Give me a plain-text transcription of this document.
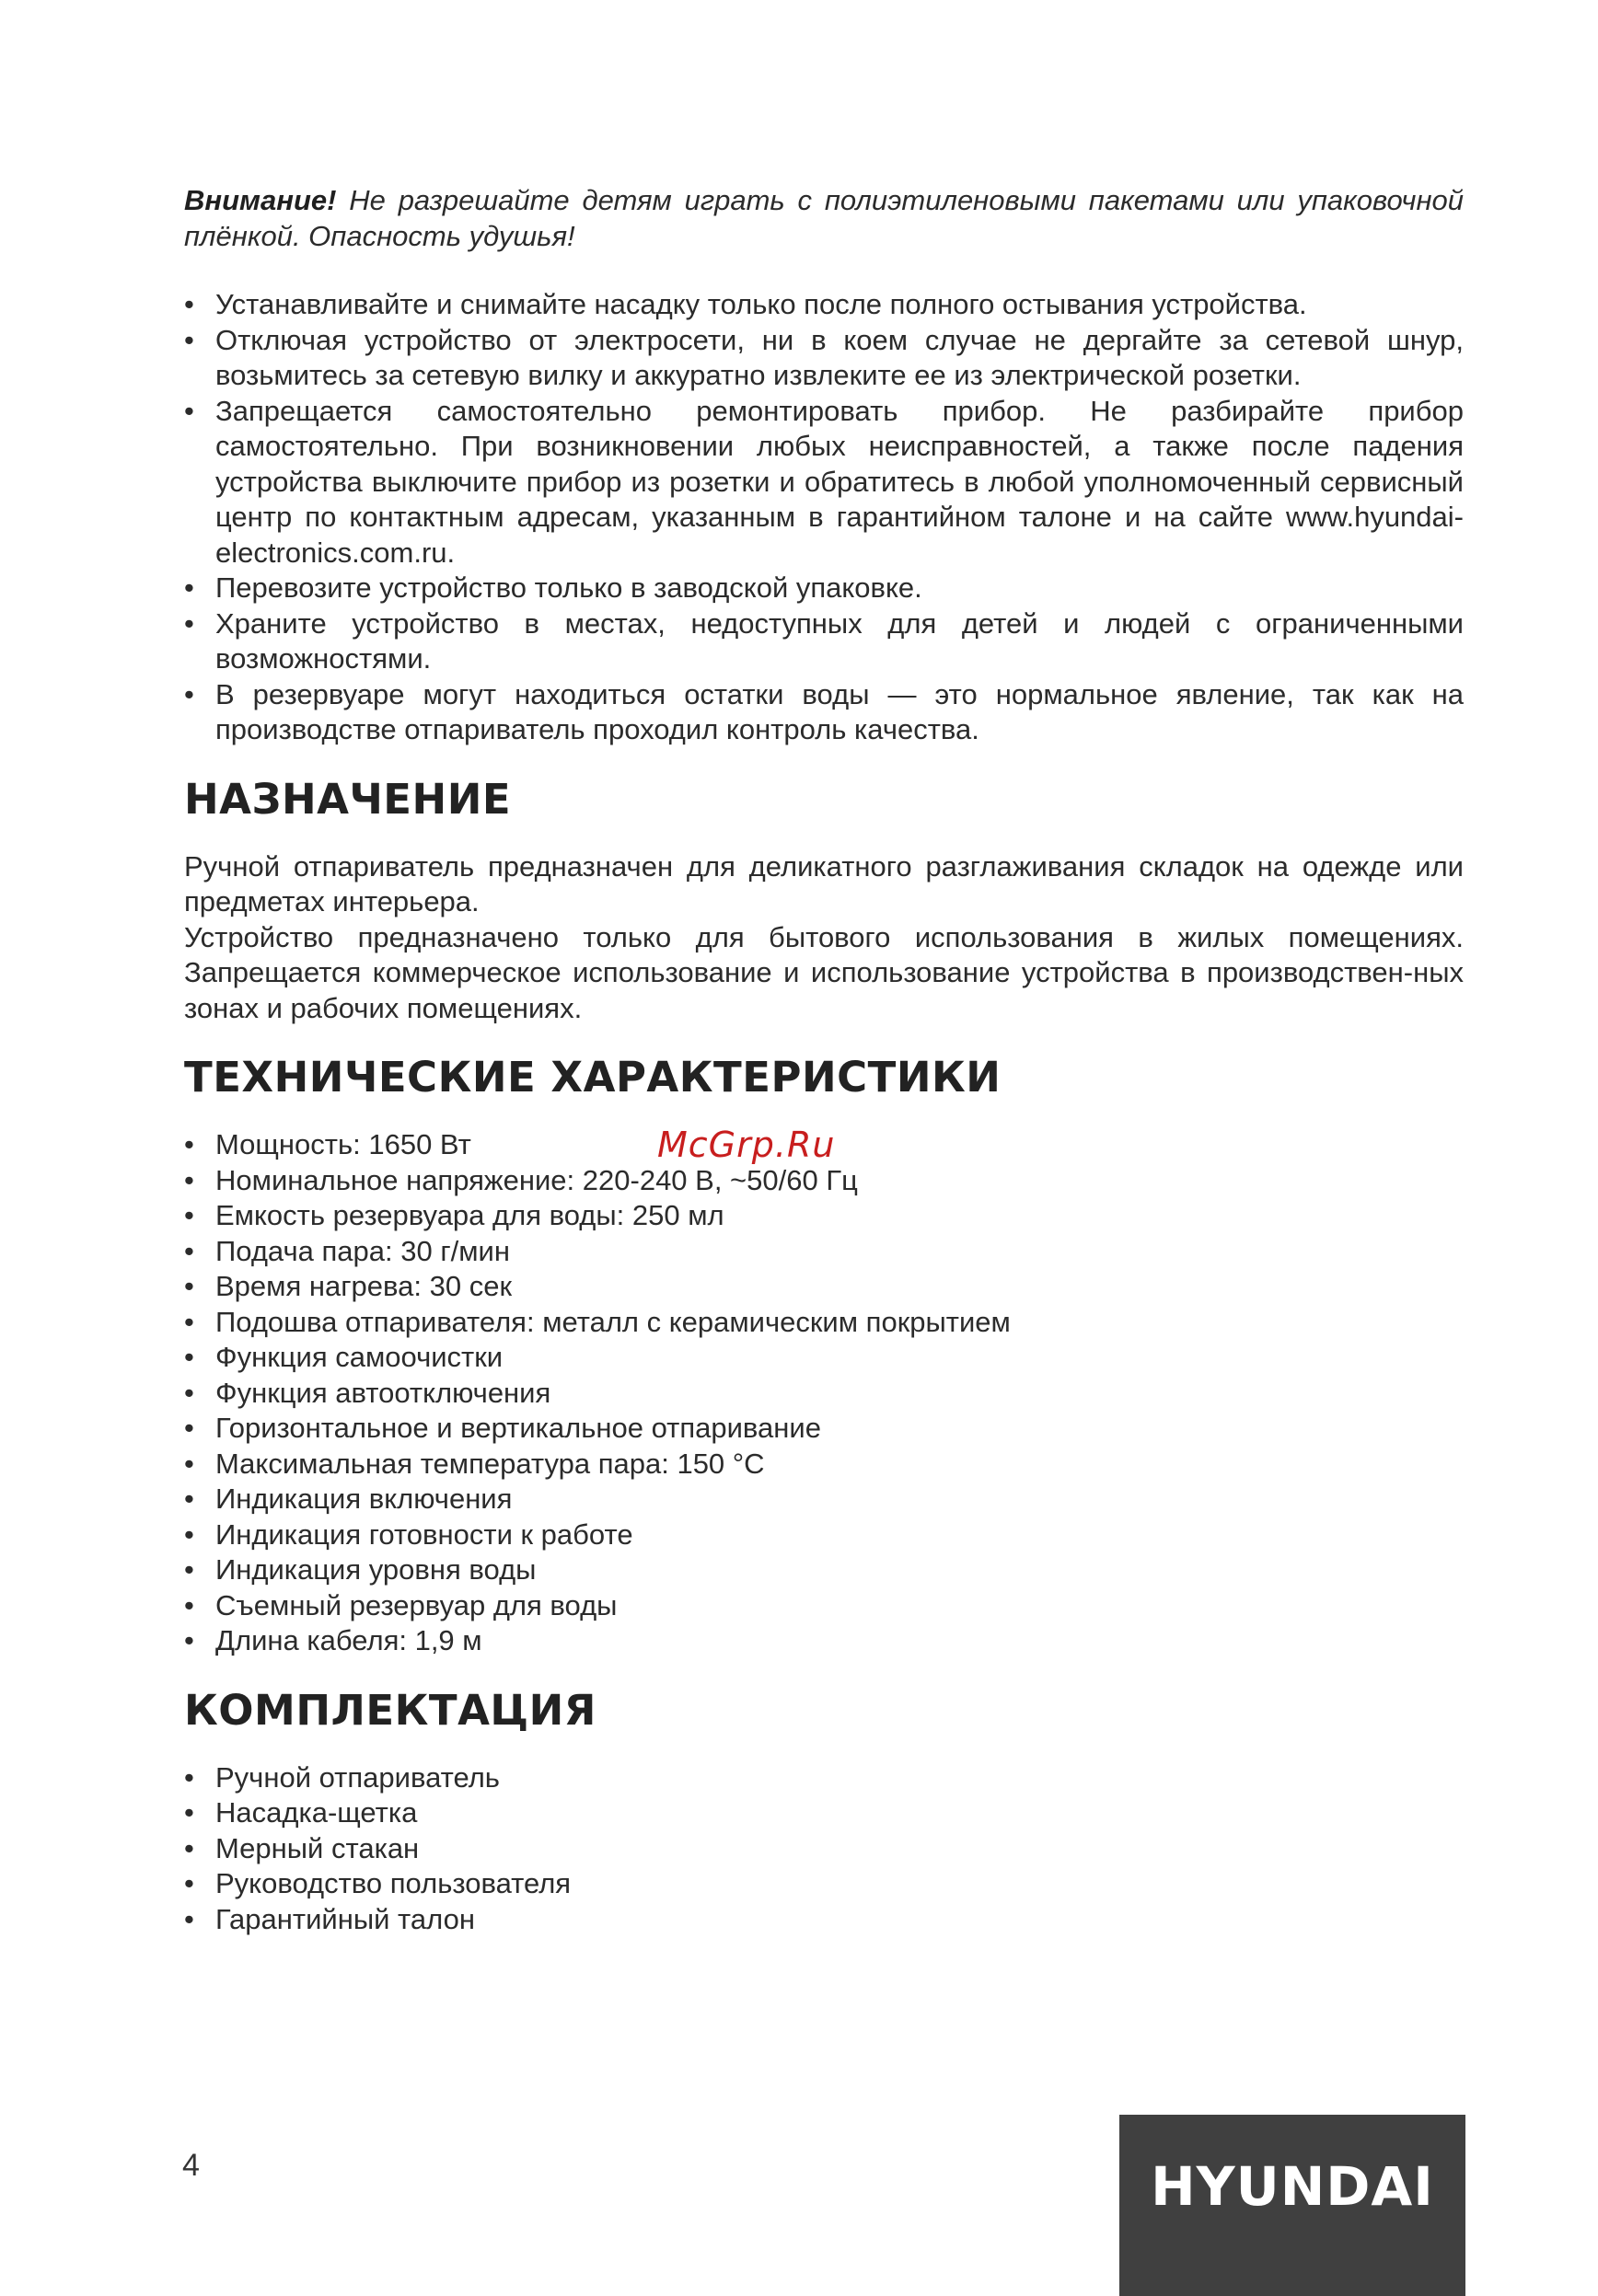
Внимание! Не разрешайте детям играть с полиэтиленовыми пакетами или упаковочной плёнкой. Опасность удушья!

• Устанавливайте и снимайте насадку только после полного остывания устройства.
• Отключая устройство от электросети, ни в коем случае не дергайте за сетевой шнур, возьмитесь за сетевую вилку и аккуратно извлеките ее из электрической розетки.
• Запрещается самостоятельно ремонтировать прибор. Не разбирайте прибор самостоятельно. При возникновении любых неисправностей, а также после падения устройства выключите прибор из розетки и обратитесь в любой уполномоченный сервисный центр по контактным адресам, указанным в гарантийном талоне и на сайте www.hyundai-electronics.com.ru.
• Перевозите устройство только в заводской упаковке.
• Храните устройство в местах, недоступных для детей и людей с ограниченными возможностями.
• В резервуаре могут находиться остатки воды — это нормальное явление, так как на производстве отпариватель проходил контроль качества.
НАЗНАЧЕНИЕ

Ручной отпариватель предназначен для деликатного разглаживания складок на одежде или предметах интерьера.

Устройство предназначено только для бытового использования в жилых помещениях. Запрещается коммерческое использование и использование устройства в производствен-ных зонах и рабочих помещениях.

ТЕХНИЧЕСКИЕ ХАРАКТЕРИСТИКИ
• Мощность: 1650 Вт
• Номинальное напряжение: 220-240 В, ~50/60 Гц
• Емкость резервуара для воды: 250 мл
• Подача пара: 30 г/мин
• Время нагрева: 30 сек
• Подошва отпаривателя: металл с керамическим покрытием
• Функция самоочистки
• Функция автоотключения
• Горизонтальное и вертикальное отпаривание
• Максимальная температура пара: 150 °C
• Индикация включения
• Индикация готовности к работе
• Индикация уровня воды
• Съемный резервуар для воды
• Длина кабеля: 1,9 м
КОМПЛЕКТАЦИЯ
• Ручной отпариватель
• Насадка-щетка
• Мерный стакан
• Руководство пользователя
• Гарантийный талон
McGrp.Ru
4	HYUNDAI
